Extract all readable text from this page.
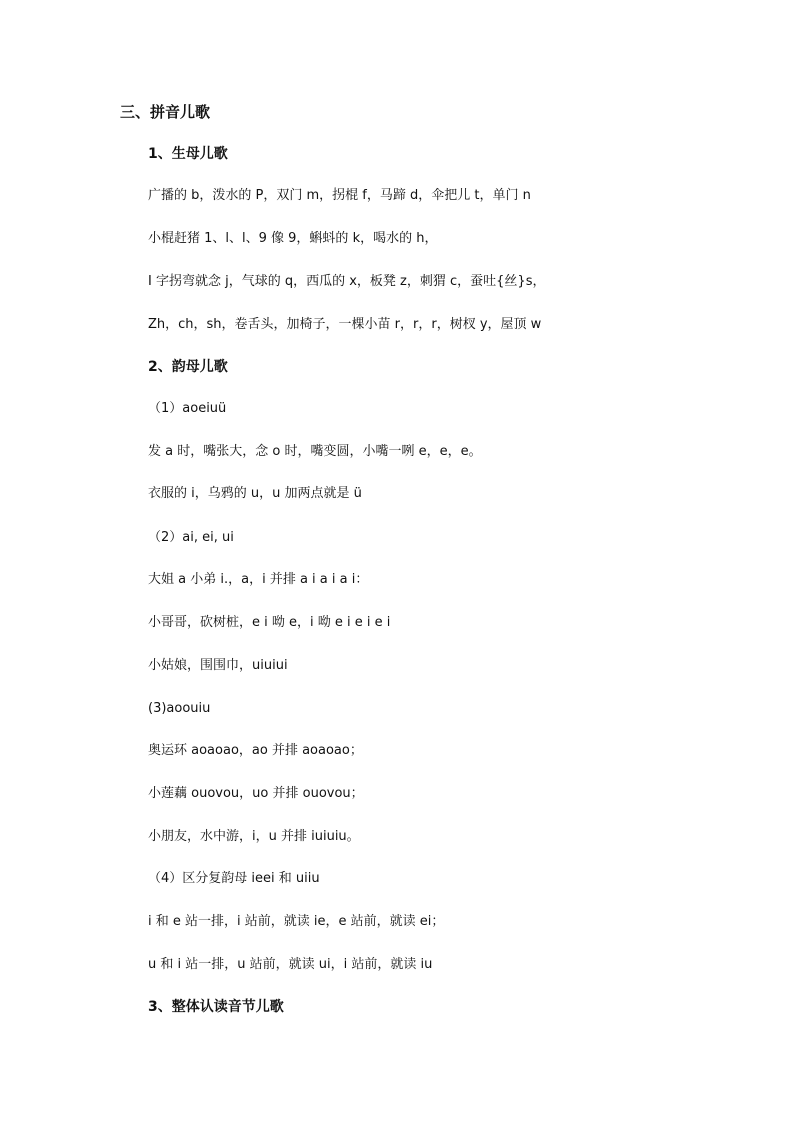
三、拼音儿歌
1、生母儿歌
广播的 b，泼水的 P，双门 m，拐棍 f，马蹄 d，伞把儿 t，单门 n
小棍赶猪 1、l、l、9 像 9，蝌蚪的 k，喝水的 h，
I 字拐弯就念 j，气球的 q，西瓜的 x，板凳 z，刺猬 c，蚕吐{丝}s，
Zh，ch，sh，卷舌头，加椅子，一棵小苗 r，r，r，树杈 y，屋顶 w
2、韵母儿歌
（1）aoeiuü
发 a 时，嘴张大，念 o 时，嘴变圆，小嘴一咧 e，e，e。
衣服的 i，乌鸦的 u，u 加两点就是 ü
（2）ai, ei, ui
大姐 a 小弟 i.，a，i 并排 a i a i a i：
小哥哥，砍树桩，e i 呦 e，i 呦 e i e i e i
小姑娘，围围巾，uiuiui
(3)aoouiu
奥运环 aoaoao，ao 并排 aoaoao；
小莲藕 ouovou，uo 并排 ouovou；
小朋友，水中游，i，u 并排 iuiuiu。
（4）区分复韵母 ieei 和 uiiu
i 和 e 站一排，i 站前，就读 ie，e 站前，就读 ei；
u 和 i 站一排，u 站前，就读 ui，i 站前，就读 iu
3、整体认读音节儿歌
